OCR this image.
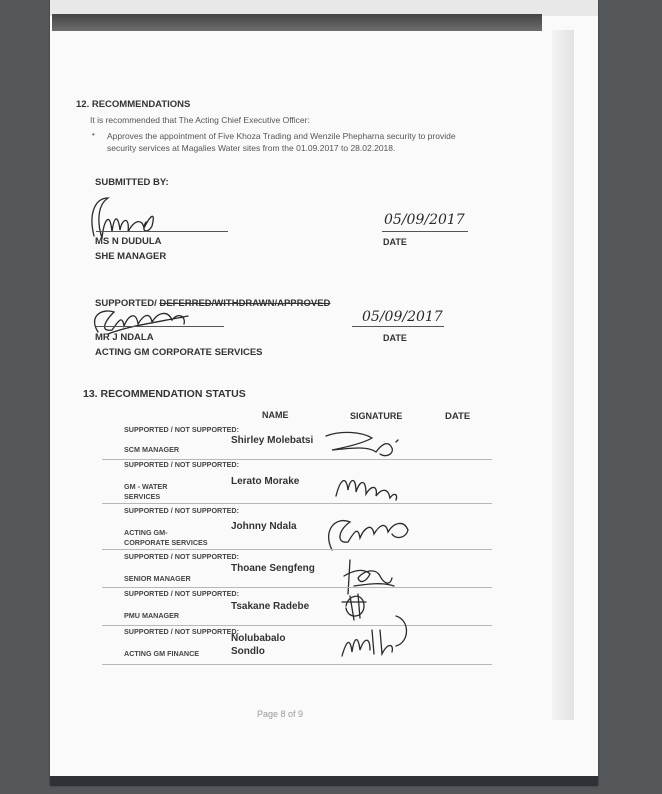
12. RECOMMENDATIONS
It is recommended that The Acting Chief Executive Officer:
• Approves the appointment of Five Khoza Trading and Wenzile Phepharna security to provide
security services at Magalies Water sites from the 01.09.2017 to 28.02.2018.
SUBMITTED BY:
05/09/2017
DATE
MS N DUDULA
SHE MANAGER
SUPPORTED/ DEFERRED/WITHDRAWN/APPROVED
05/09/2017
DATE
MR J NDALA
ACTING GM CORPORATE SERVICES
13. RECOMMENDATION STATUS
NAME	SIGNATURE	DATE
SUPPORTED / NOT SUPPORTED:
SCM MANAGER
Shirley Molebatsi
SUPPORTED / NOT SUPPORTED:
GM - WATER SERVICES
Lerato Morake
SUPPORTED / NOT SUPPORTED:
ACTING GM-CORPORATE SERVICES
Johnny Ndala
SUPPORTED / NOT SUPPORTED:
SENIOR MANAGER
Thoane Sengfeng
SUPPORTED / NOT SUPPORTED:
PMU MANAGER
Tsakane Radebe
SUPPORTED / NOT SUPPORTED:
ACTING GM FINANCE
Nolubabalo Sondlo
Page 8 of 9
